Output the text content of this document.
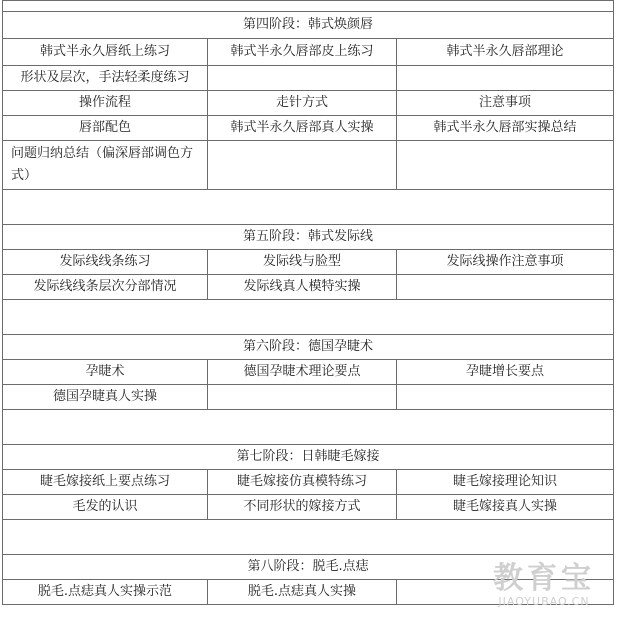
第四阶段：韩式焕颜唇		
韩式半永久唇纸上练习	韩式半永久唇部皮上练习	韩式半永久唇部理论
形状及层次，手法轻柔度练习		
操作流程	走针方式	注意事项
唇部配色	韩式半永久唇部真人实操	韩式半永久唇部实操总结
问题归纳总结（偏深唇部调色方式）		

第五阶段：韩式发际线		
发际线线条练习	发际线与脸型	发际线操作注意事项
发际线线条层次分部情况	发际线真人模特实操	

第六阶段：德国孕睫术		
孕睫术	德国孕睫术理论要点	孕睫增长要点
德国孕睫真人实操		

第七阶段：日韩睫毛嫁接		
睫毛嫁接纸上要点练习	睫毛嫁接仿真模特练习	睫毛嫁接理论知识
毛发的认识	不同形状的嫁接方式	睫毛嫁接真人实操

第八阶段：脱毛.点痣		
脱毛.点痣真人实操示范	脱毛.点痣真人实操		教育宝
JIAOYUBAO.CN
